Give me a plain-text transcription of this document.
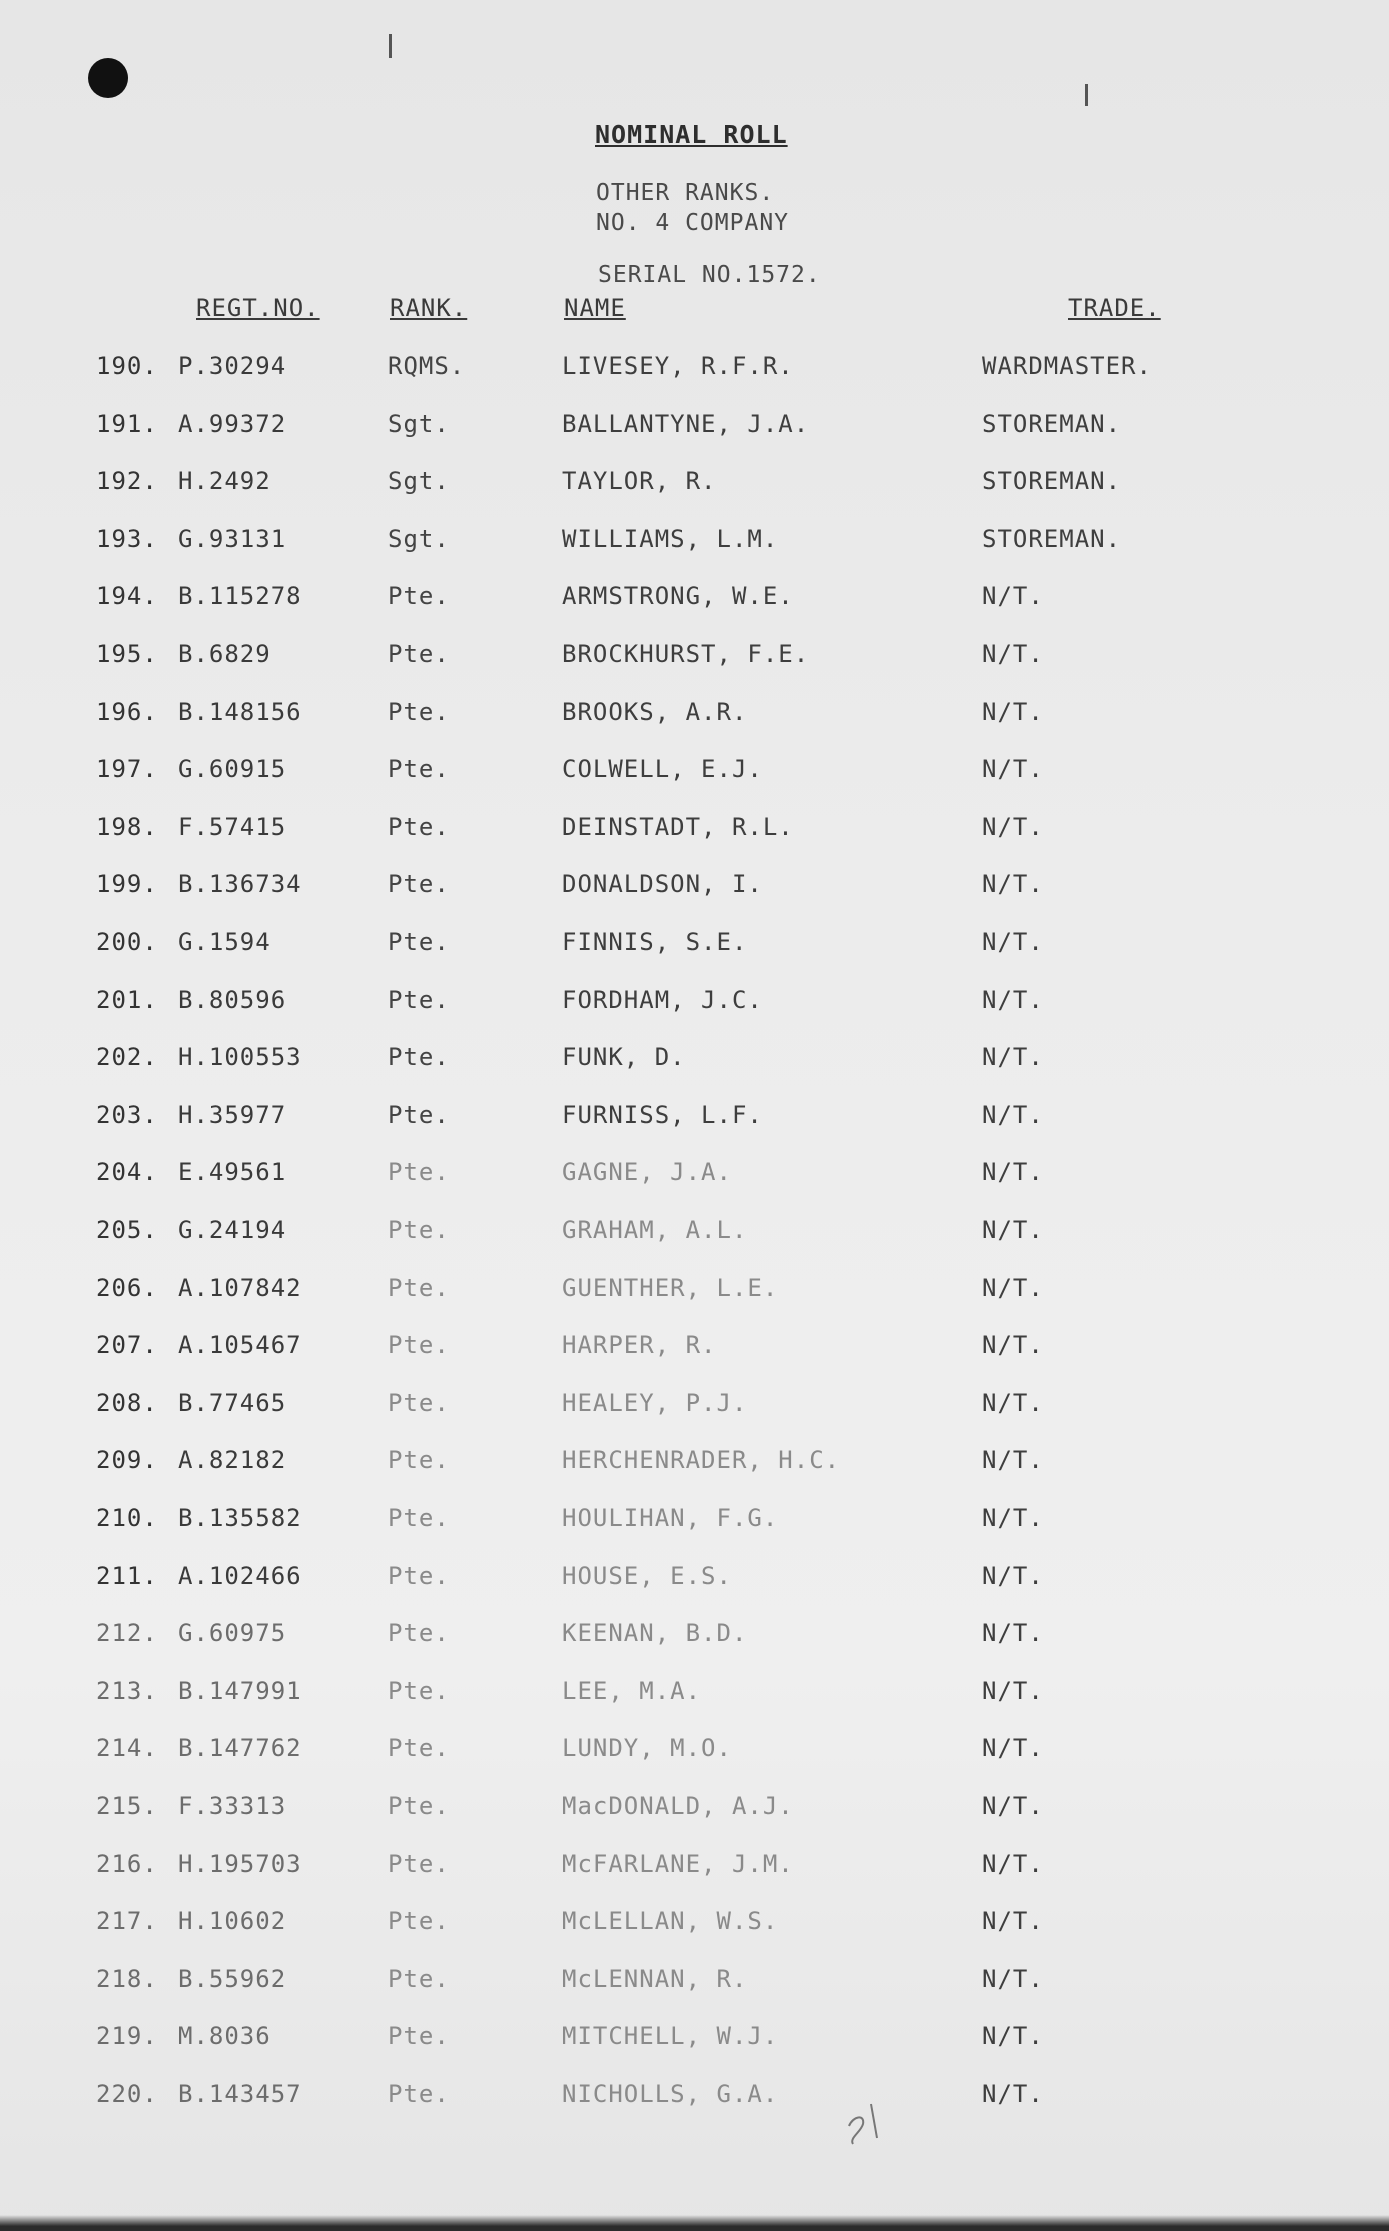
NOMINAL ROLL
OTHER RANKS.
NO. 4 COMPANY
SERIAL NO.1572.
REGT.NO.	RANK.	NAME	TRADE.
190. P.30294	RQMS.	LIVESEY, R.F.R.	WARDMASTER.
191. A.99372	Sgt.	BALLANTYNE, J.A.	STOREMAN.
192. H.2492	Sgt.	TAYLOR, R.	STOREMAN.
193. G.93131	Sgt.	WILLIAMS, L.M.	STOREMAN.
194. B.115278	Pte.	ARMSTRONG, W.E.	N/T.
195. B.6829	Pte.	BROCKHURST, F.E.	N/T.
196. B.148156	Pte.	BROOKS, A.R.	N/T.
197. G.60915	Pte.	COLWELL, E.J.	N/T.
198. F.57415	Pte.	DEINSTADT, R.L.	N/T.
199. B.136734	Pte.	DONALDSON, I.	N/T.
200. G.1594	Pte.	FINNIS, S.E.	N/T.
201. B.80596	Pte.	FORDHAM, J.C.	N/T.
202. H.100553	Pte.	FUNK, D.	N/T.
203. H.35977	Pte.	FURNISS, L.F.	N/T.
204. E.49561	Pte.	GAGNE, J.A.	N/T.
205. G.24194	Pte.	GRAHAM, A.L.	N/T.
206. A.107842	Pte.	GUENTHER, L.E.	N/T.
207. A.105467	Pte.	HARPER, R.	N/T.
208. B.77465	Pte.	HEALEY, P.J.	N/T.
209. A.82182	Pte.	HERCHENRADER, H.C.	N/T.
210. B.135582	Pte.	HOULIHAN, F.G.	N/T.
211. A.102466	Pte.	HOUSE, E.S.	N/T.
212. G.60975	Pte.	KEENAN, B.D.	N/T.
213. B.147991	Pte.	LEE, M.A.	N/T.
214. B.147762	Pte.	LUNDY, M.O.	N/T.
215. F.33313	Pte.	MacDONALD, A.J.	N/T.
216. H.195703	Pte.	McFARLANE, J.M.	N/T.
217. H.10602	Pte.	McLELLAN, W.S.	N/T.
218. B.55962	Pte.	McLENNAN, R.	N/T.
219. M.8036	Pte.	MITCHELL, W.J.	N/T.
220. B.143457	Pte.	NICHOLLS, G.A.	N/T.
